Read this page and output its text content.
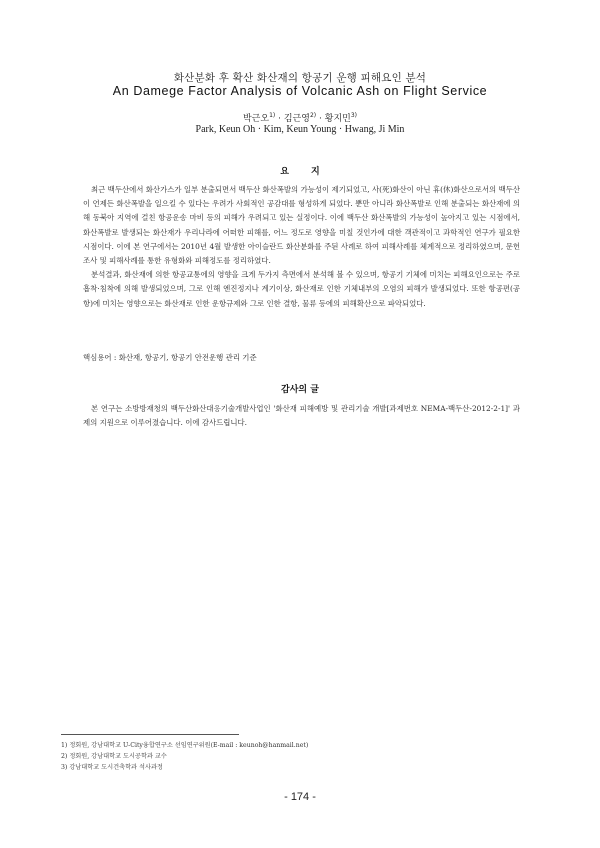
화산분화 후 확산 화산재의 항공기 운행 피해요인 분석
An Damege Factor Analysis of Volcanic Ash on Flight Service
박근오$^{1)}$ · 김근영$^{2)}$ · 황지민$^{3)}$
Park, Keun Oh · Kim, Keun Young · Hwang, Ji Min
요지

최근 백두산에서 화산가스가 일부 분출되면서 백두산 화산폭발의 가능성이 제기되었고, 사(死)화산이 아닌 휴(休)화산으로서의 백두산이 언제든 화산폭발을 일으킬 수 있다는 우려가 사회적인 공감대를 형성하게 되었다. 뿐만 아니라 화산폭발로 인해 분출되는 화산재에 의해 동북아 지역에 걸친 항공운송 마비 등의 피해가 우려되고 있는 실정이다. 이에 백두산 화산폭발의 가능성이 높아지고 있는 시점에서, 화산폭발로 발생되는 화산재가 우리나라에 어떠한 피해를, 어느 정도로 영향을 미칠 것인가에 대한 객관적이고 과학적인 연구가 필요한 시점이다. 이에 본 연구에서는 2010년 4월 발생한 아이슬란드 화산분화를 주된 사례로 하여 피해사례를 체계적으로 정리하였으며, 문헌조사 및 피해사례를 통한 유형화와 피해정도를 정리하였다.

분석결과, 화산재에 의한 항공교통에의 영향을 크게 두가지 측면에서 분석해 볼 수 있으며, 항공기 기체에 미치는 피해요인으로는 주로 흡착·침착에 의해 발생되었으며, 그로 인해 엔진정지나 계기이상, 화산재로 인한 기체내부의 오염의 피해가 발생되었다. 또한 항공편(공항)에 미치는 영향으로는 화산재로 인한 운항규제와 그로 인한 결항, 물류 등에의 피해확산으로 파악되었다.

핵심용어 : 화산재, 항공기, 항공기 안전운행 관리 기준
감사의 글

본 연구는 소방방재청의 백두산화산대응기술개발사업인 '화산재 피해예방 및 관리기술 개발[과제번호 NEMA-백두산-2012-2-1]' 과제의 지원으로 이루어졌습니다. 이에 감사드립니다.

1) 정회원, 강남대학교 U-City융합연구소 선임연구위원(E-mail : keunoh@hanmail.net)
2) 정회원, 강남대학교 도시공학과 교수
3) 강남대학교 도시건축학과 석사과정
- 174 -
